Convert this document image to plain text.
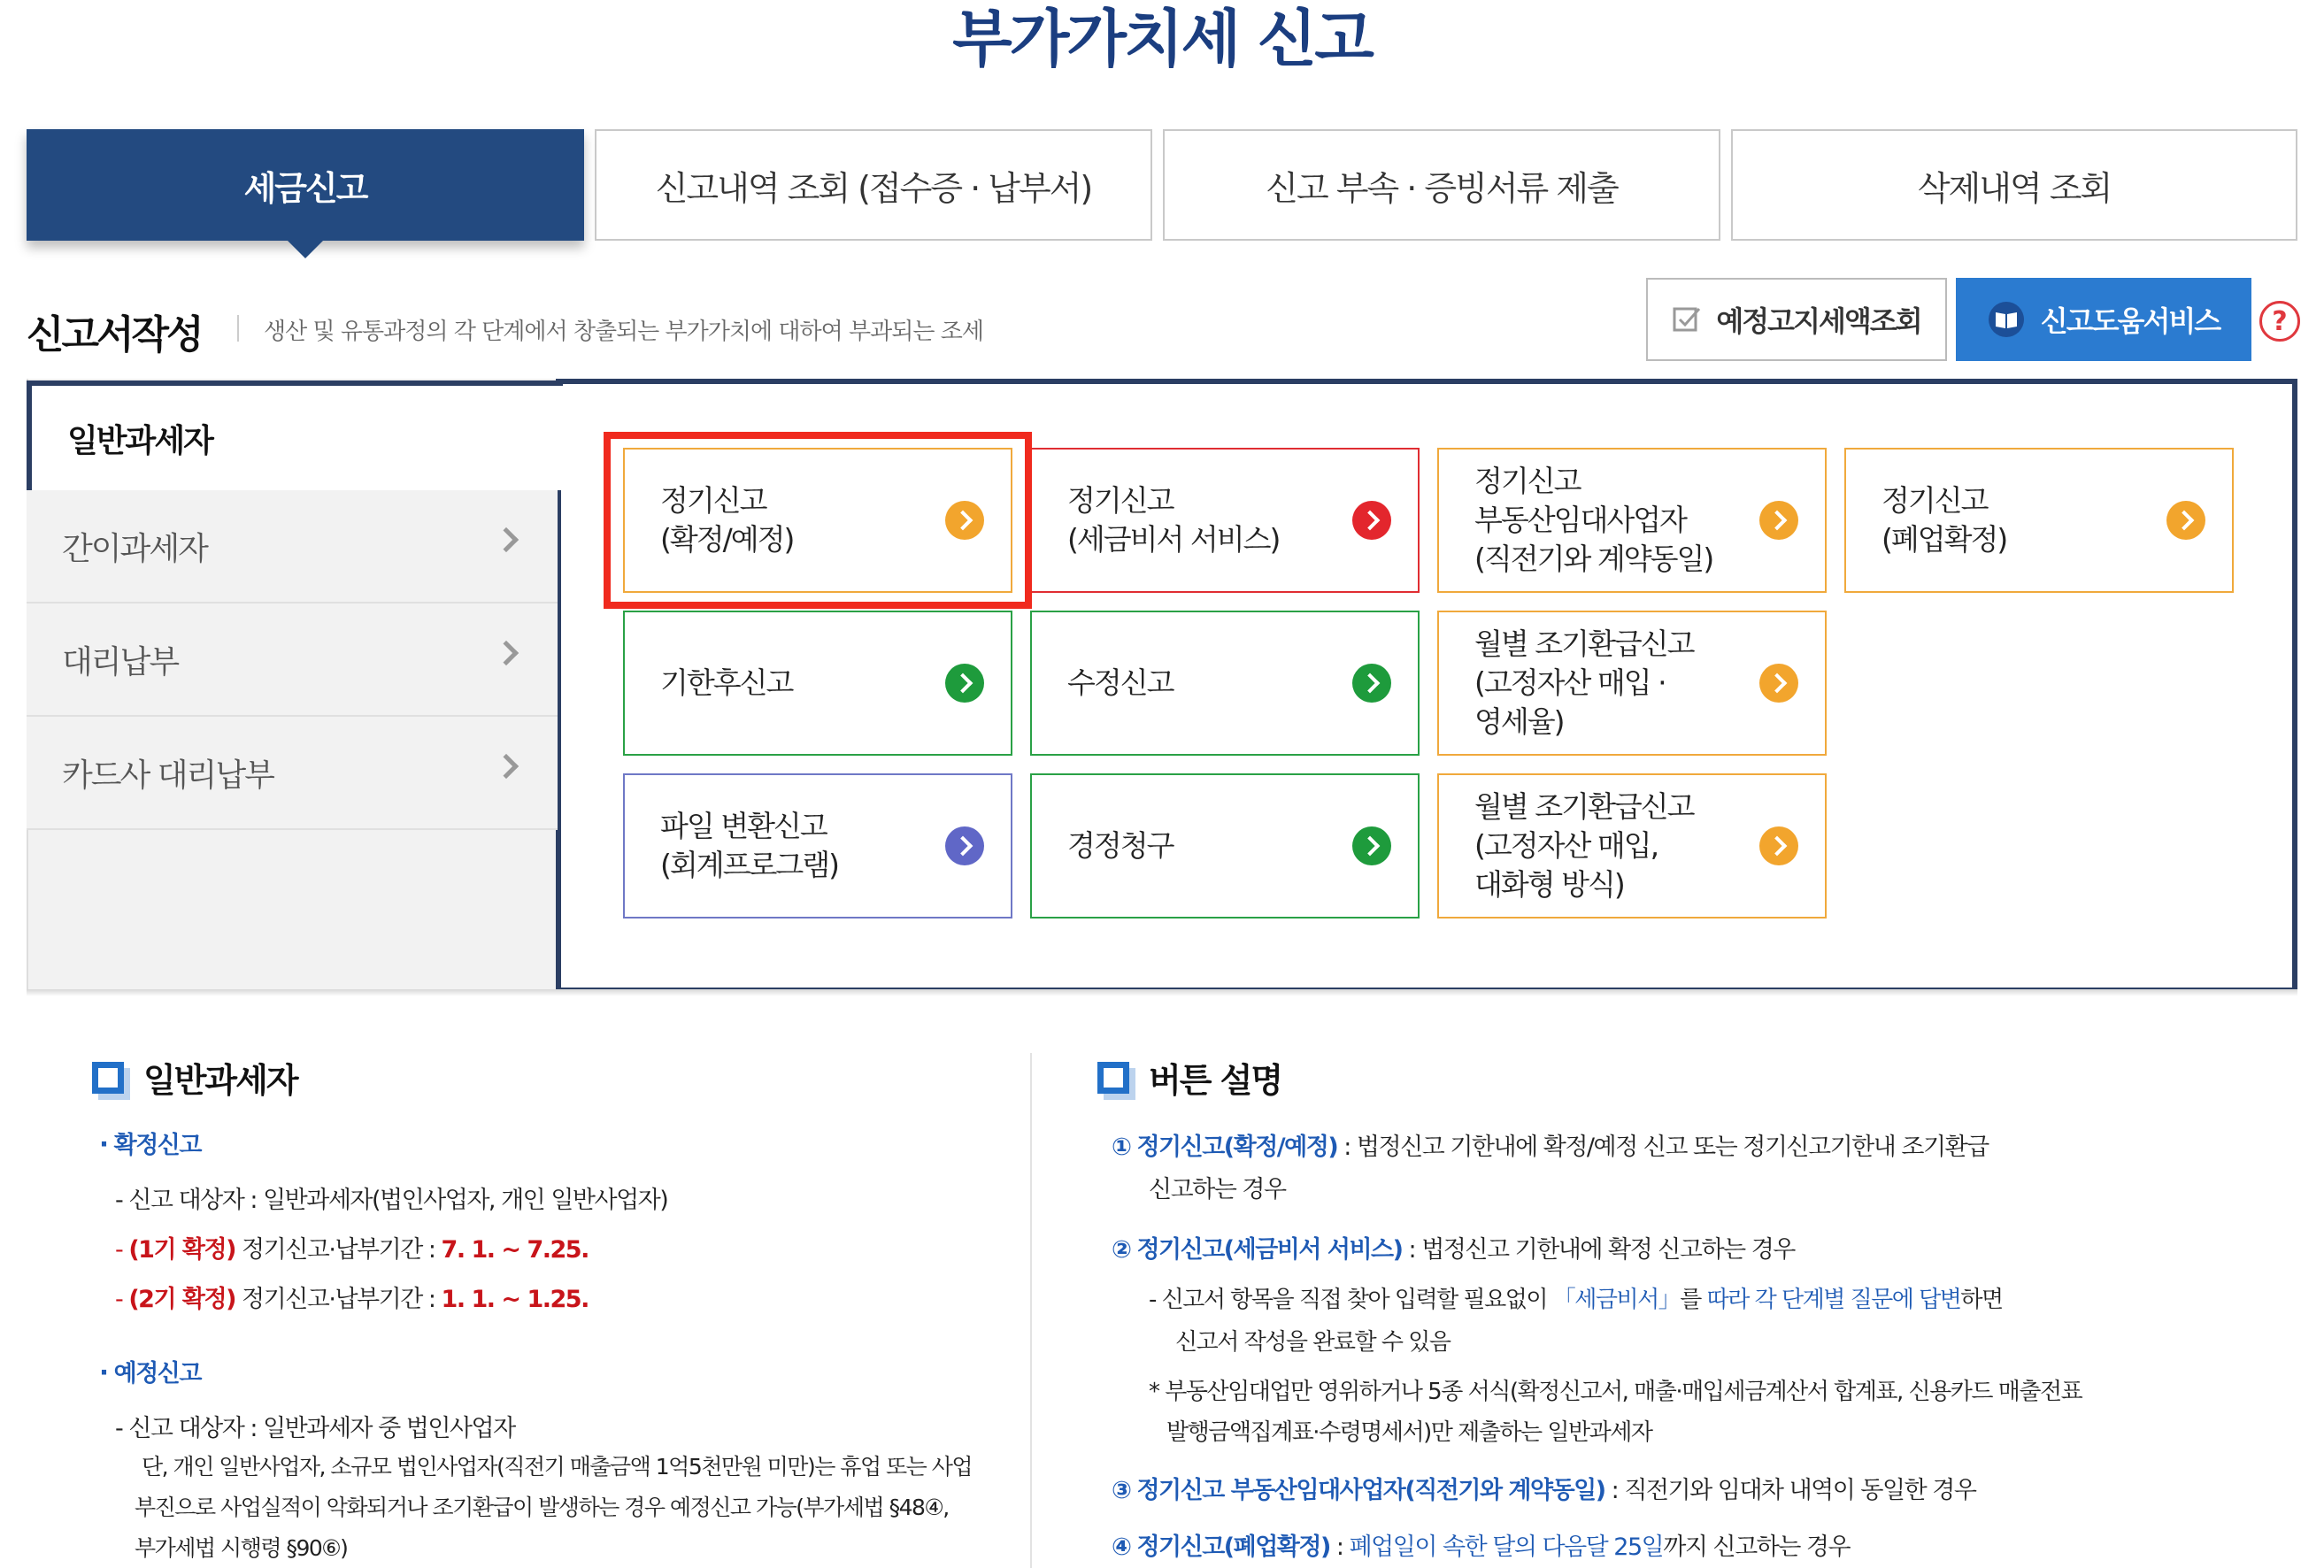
부가가치세 신고
세금신고	신고내역 조회 (접수증 · 납부서)	신고 부속 · 증빙서류 제출	삭제내역 조회
신고서작성	생산 및 유통과정의 각 단계에서 창출되는 부가가치에 대하여 부과되는 조세	예정고지세액조회	신고도움서비스	?
일반과세자
간이과세자
대리납부
카드사 대리납부
정기신고
(확정/예정)
정기신고
(세금비서 서비스)
정기신고
부동산임대사업자
(직전기와 계약동일)
정기신고
(폐업확정)
기한후신고	수정신고
월별 조기환급신고
(고정자산 매입 ·
영세율)
파일 변환신고
(회계프로그램)
경정청구
월별 조기환급신고
(고정자산 매입,
대화형 방식)
일반과세자
· 확정신고
- 신고 대상자 : 일반과세자(법인사업자, 개인 일반사업자)
- (1기 확정) 정기신고·납부기간 : 7. 1. ~ 7.25.
- (2기 확정) 정기신고·납부기간 : 1. 1. ~ 1.25.
· 예정신고
- 신고 대상자 : 일반과세자 중 법인사업자
단, 개인 일반사업자, 소규모 법인사업자(직전기 매출금액 1억5천만원 미만)는 휴업 또는 사업
부진으로 사업실적이 악화되거나 조기환급이 발생하는 경우 예정신고 가능(부가세법 §48④,
부가세법 시행령 §90⑥)
버튼 설명
① 정기신고(확정/예정) : 법정신고 기한내에 확정/예정 신고 또는 정기신고기한내 조기환급
신고하는 경우
② 정기신고(세금비서 서비스) : 법정신고 기한내에 확정 신고하는 경우
- 신고서 항목을 직접 찾아 입력할 필요없이 「세금비서」를 따라 각 단계별 질문에 답변하면
신고서 작성을 완료할 수 있음
* 부동산임대업만 영위하거나 5종 서식(확정신고서, 매출·매입세금계산서 합계표, 신용카드 매출전표
발행금액집계표·수령명세서)만 제출하는 일반과세자
③ 정기신고 부동산임대사업자(직전기와 계약동일) : 직전기와 임대차 내역이 동일한 경우
④ 정기신고(폐업확정) : 폐업일이 속한 달의 다음달 25일까지 신고하는 경우
